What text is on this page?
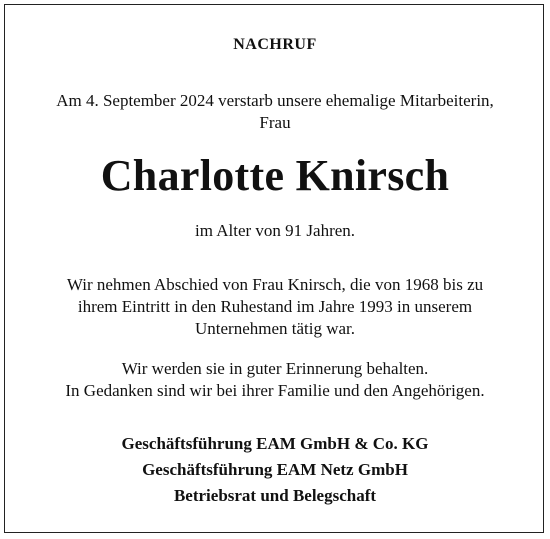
NACHRUF
Am 4. September 2024 verstarb unsere ehemalige Mitarbeiterin,
Frau
Charlotte Knirsch
im Alter von 91 Jahren.
Wir nehmen Abschied von Frau Knirsch, die von 1968 bis zu
ihrem Eintritt in den Ruhestand im Jahre 1993 in unserem
Unternehmen tätig war.
Wir werden sie in guter Erinnerung behalten.
In Gedanken sind wir bei ihrer Familie und den Angehörigen.
Geschäftsführung EAM GmbH & Co. KG
Geschäftsführung EAM Netz GmbH
Betriebsrat und Belegschaft
